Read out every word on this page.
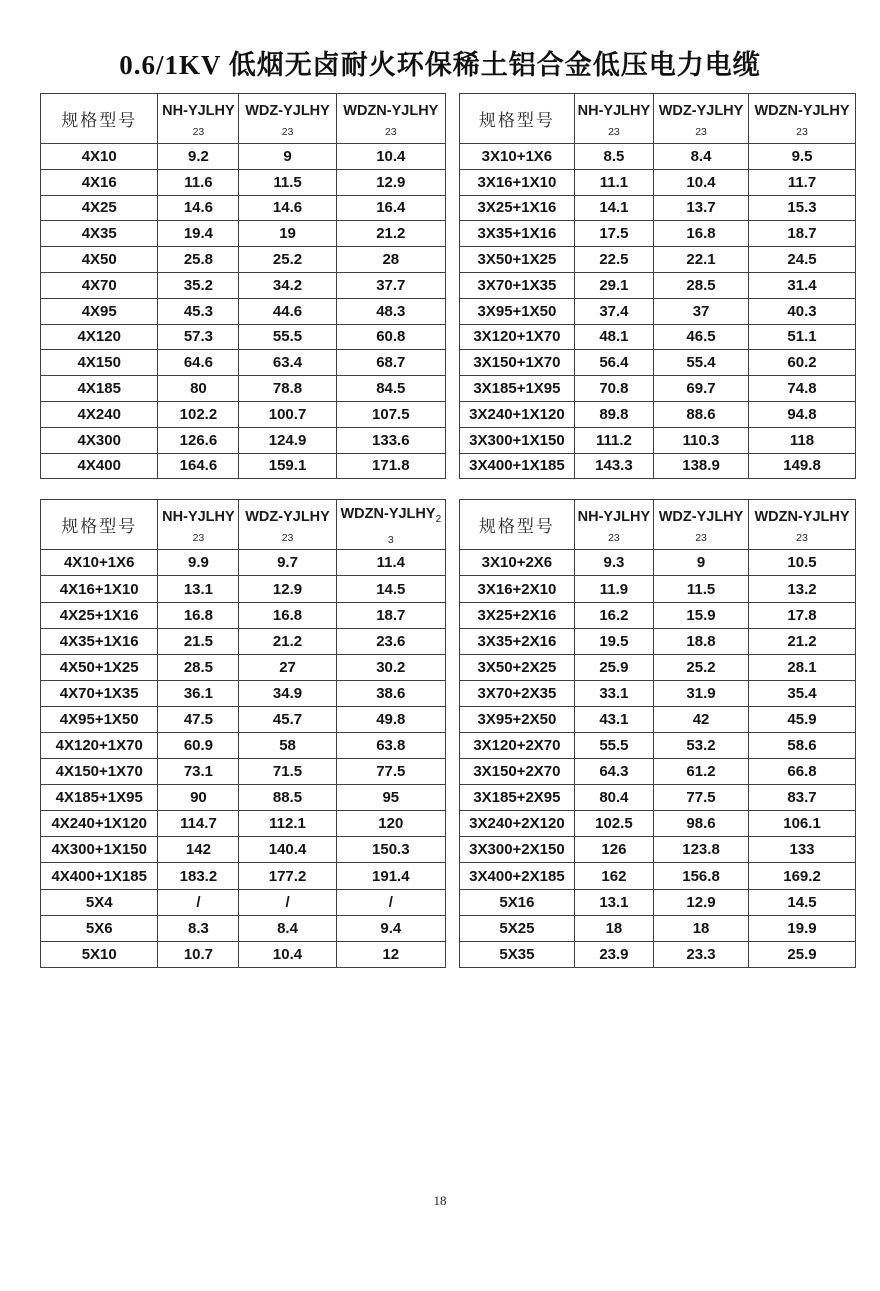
0.6/1KV 低烟无卤耐火环保稀土铝合金低压电力电缆
规格型号	
NH-YJLHY
23

WDZ-YJLHY
23

WDZN-YJLHY
23

4X10	9.2	9	10.4
4X16	11.6	11.5	12.9
4X25	14.6	14.6	16.4
4X35	19.4	19	21.2
4X50	25.8	25.2	28
4X70	35.2	34.2	37.7
4X95	45.3	44.6	48.3
4X120	57.3	55.5	60.8
4X150	64.6	63.4	68.7
4X185	80	78.8	84.5
4X240	102.2	100.7	107.5
4X300	126.6	124.9	133.6
4X400	164.6	159.1	171.8
规格型号	
NH-YJLHY
23

WDZ-YJLHY
23

WDZN-YJLHY
23

3X10+1X6	8.5	8.4	9.5
3X16+1X10	11.1	10.4	11.7
3X25+1X16	14.1	13.7	15.3
3X35+1X16	17.5	16.8	18.7
3X50+1X25	22.5	22.1	24.5
3X70+1X35	29.1	28.5	31.4
3X95+1X50	37.4	37	40.3
3X120+1X70	48.1	46.5	51.1
3X150+1X70	56.4	55.4	60.2
3X185+1X95	70.8	69.7	74.8
3X240+1X120	89.8	88.6	94.8
3X300+1X150	111.2	110.3	118
3X400+1X185	143.3	138.9	149.8
规格型号	
NH-YJLHY
23

WDZ-YJLHY
23

WDZN-$YJLHY_2$
3

4X10+1X6	9.9	9.7	11.4
4X16+1X10	13.1	12.9	14.5
4X25+1X16	16.8	16.8	18.7
4X35+1X16	21.5	21.2	23.6
4X50+1X25	28.5	27	30.2
4X70+1X35	36.1	34.9	38.6
4X95+1X50	47.5	45.7	49.8
4X120+1X70	60.9	58	63.8
4X150+1X70	73.1	71.5	77.5
4X185+1X95	90	88.5	95
4X240+1X120	114.7	112.1	120
4X300+1X150	142	140.4	150.3
4X400+1X185	183.2	177.2	191.4
5X4	/	/	/
5X6	8.3	8.4	9.4
5X10	10.7	10.4	12
规格型号	
NH-YJLHY
23

WDZ-YJLHY
23

WDZN-YJLHY
23

3X10+2X6	9.3	9	10.5
3X16+2X10	11.9	11.5	13.2
3X25+2X16	16.2	15.9	17.8
3X35+2X16	19.5	18.8	21.2
3X50+2X25	25.9	25.2	28.1
3X70+2X35	33.1	31.9	35.4
3X95+2X50	43.1	42	45.9
3X120+2X70	55.5	53.2	58.6
3X150+2X70	64.3	61.2	66.8
3X185+2X95	80.4	77.5	83.7
3X240+2X120	102.5	98.6	106.1
3X300+2X150	126	123.8	133
3X400+2X185	162	156.8	169.2
5X16	13.1	12.9	14.5
5X25	18	18	19.9
5X35	23.9	23.3	25.9
18
